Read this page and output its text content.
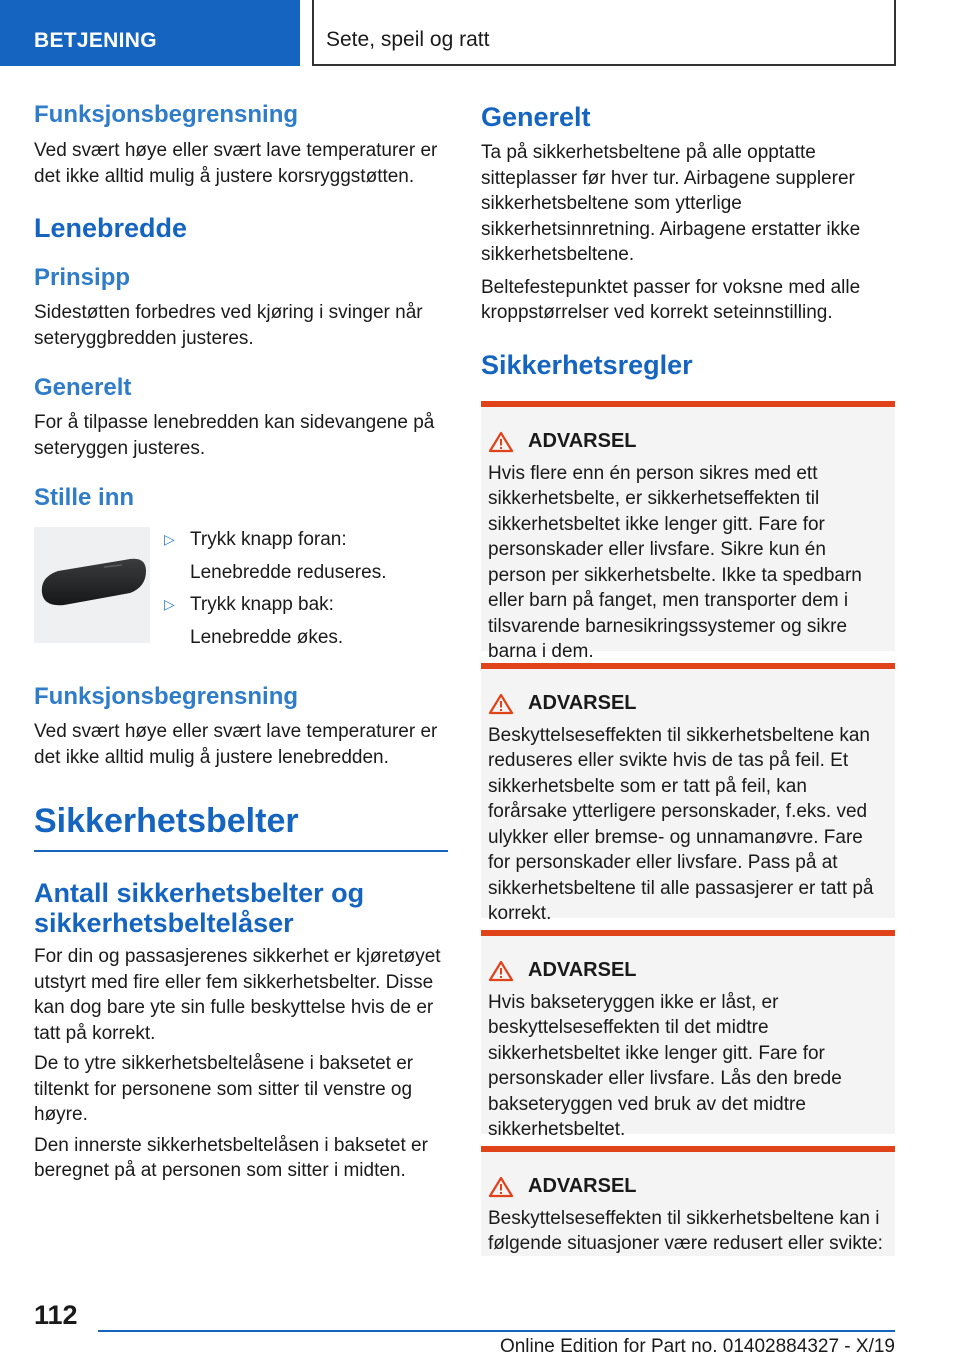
BETJENING	Sete, speil og ratt
Funksjonsbegrensning
Ved svært høye eller svært lave temperaturer er det ikke alltid mulig å justere korsryggstøtten.
Lenebredde
Prinsipp
Sidestøtten forbedres ved kjøring i svinger når seteryggbredden justeres.
Generelt
For å tilpasse lenebredden kan sidevangene på seteryggen justeres.
Stille inn
▷ Trykk knapp foran:
Lenebredde reduseres.
▷ Trykk knapp bak:
Lenebredde økes.
Funksjonsbegrensning
Ved svært høye eller svært lave temperaturer er det ikke alltid mulig å justere lenebredden.
Sikkerhetsbelter
Antall sikkerhetsbelter og sikkerhetsbeltelåser
For din og passasjerenes sikkerhet er kjøretøyet utstyrt med fire eller fem sikkerhetsbelter. Disse kan dog bare yte sin fulle beskyttelse hvis de er tatt på korrekt.
De to ytre sikkerhetsbeltelåsene i baksetet er tiltenkt for personene som sitter til venstre og høyre.
Den innerste sikkerhetsbeltelåsen i baksetet er beregnet på at personen som sitter i midten.
Generelt
Ta på sikkerhetsbeltene på alle opptatte sitteplasser før hver tur. Airbagene supplerer sikkerhetsbeltene som ytterlige sikkerhetsinnretning. Airbagene erstatter ikke sikkerhetsbeltene.
Beltefestepunktet passer for voksne med alle kroppstørrelser ved korrekt seteinnstilling.
Sikkerhetsregler
ADVARSEL
Hvis flere enn én person sikres med ett sikkerhetsbelte, er sikkerhetseffekten til sikkerhetsbeltet ikke lenger gitt. Fare for personskader eller livsfare. Sikre kun én person per sikkerhetsbelte. Ikke ta spedbarn eller barn på fanget, men transporter dem i tilsvarende barnesikringssystemer og sikre barna i dem.
ADVARSEL
Beskyttelseseffekten til sikkerhetsbeltene kan reduseres eller svikte hvis de tas på feil. Et sikkerhetsbelte som er tatt på feil, kan forårsake ytterligere personskader, f.eks. ved ulykker eller bremse- og unnamanøvre. Fare for personskader eller livsfare. Pass på at sikkerhetsbeltene til alle passasjerer er tatt på korrekt.
ADVARSEL
Hvis bakseteryggen ikke er låst, er beskyttelseseffekten til det midtre sikkerhetsbeltet ikke lenger gitt. Fare for personskader eller livsfare. Lås den brede bakseteryggen ved bruk av det midtre sikkerhetsbeltet.
ADVARSEL
Beskyttelseseffekten til sikkerhetsbeltene kan i følgende situasjoner være redusert eller svikte:
112
Online Edition for Part no. 01402884327 - X/19
